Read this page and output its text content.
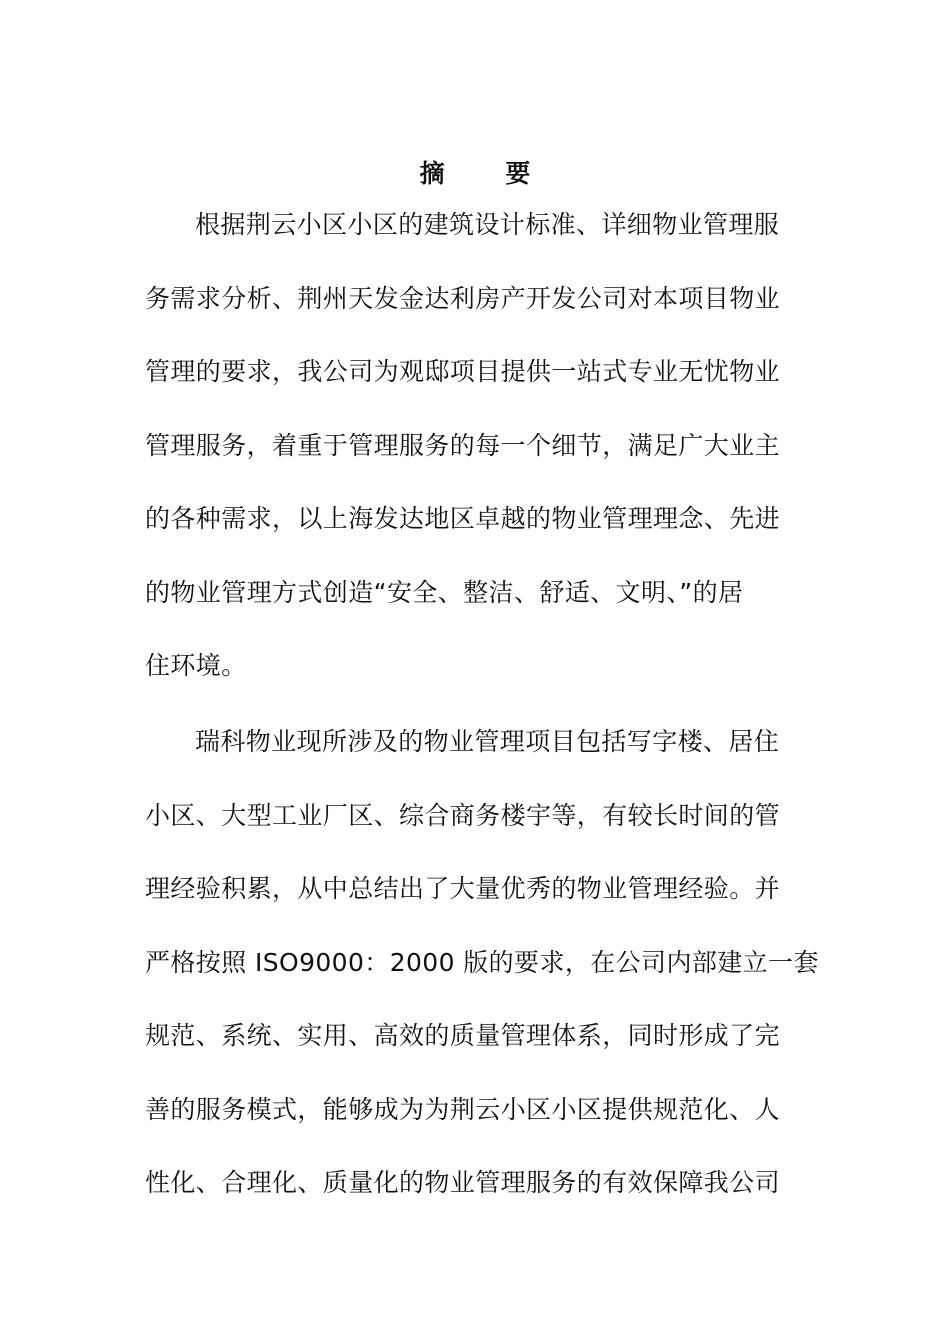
摘 要
根据荆云小区小区的建筑设计标准、详细物业管理服
务需求分析、荆州天发金达利房产开发公司对本项目物业
管理的要求，我公司为观邸项目提供一站式专业无忧物业
管理服务，着重于管理服务的每一个细节，满足广大业主
的各种需求，以上海发达地区卓越的物业管理理念、先进
的物业管理方式创造“安全、整洁、舒适、文明、”的居
住环境。
瑞科物业现所涉及的物业管理项目包括写字楼、居住
小区、大型工业厂区、综合商务楼宇等，有较长时间的管
理经验积累，从中总结出了大量优秀的物业管理经验。并
严格按照 ISO9000：2000 版的要求，在公司内部建立一套
规范、系统、实用、高效的质量管理体系，同时形成了完
善的服务模式，能够成为为荆云小区小区提供规范化、人
性化、合理化、质量化的物业管理服务的有效保障我公司
